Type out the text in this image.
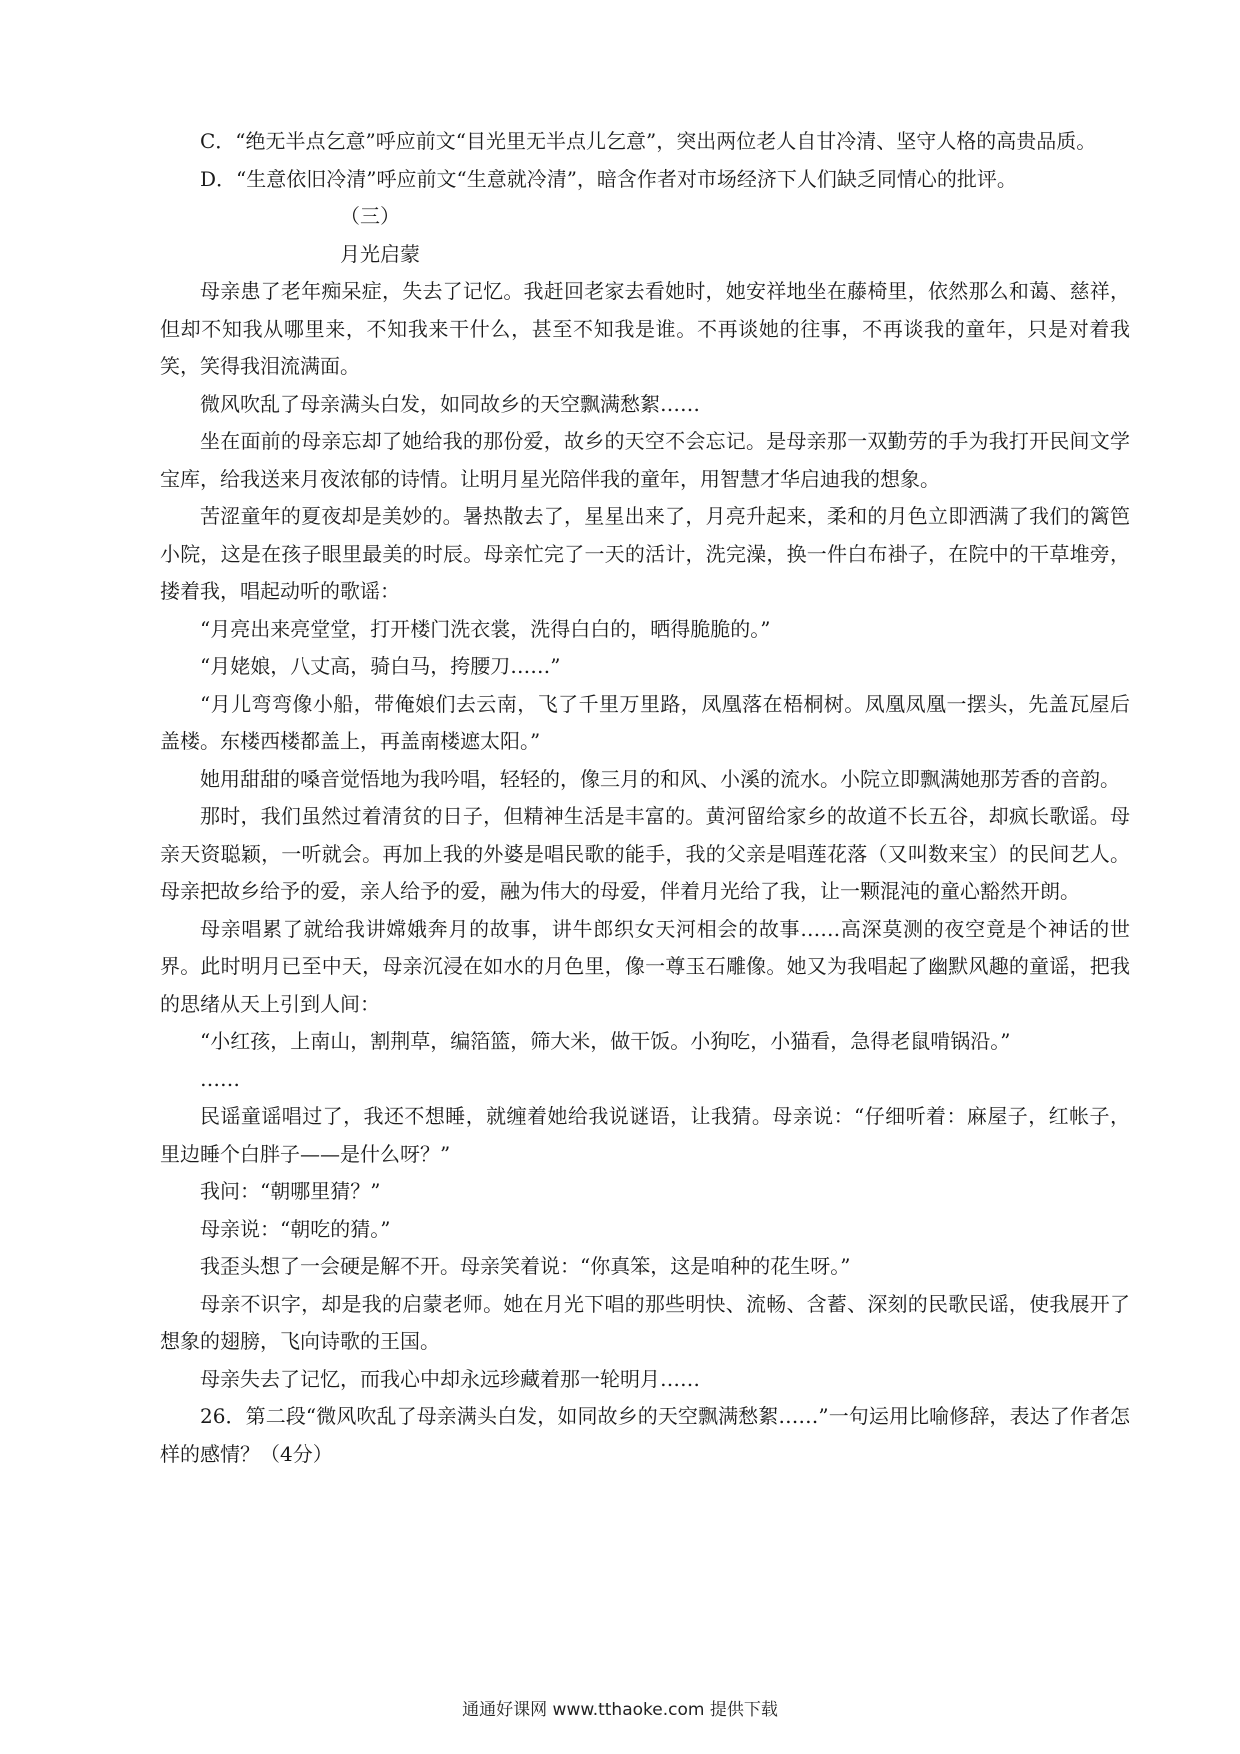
C．“绝无半点乞意”呼应前文“目光里无半点儿乞意”，突出两位老人自甘冷清、坚守人格的高贵品质。

D．“生意依旧冷清”呼应前文“生意就冷清”，暗含作者对市场经济下人们缺乏同情心的批评。

（三）

月光启蒙

母亲患了老年痴呆症，失去了记忆。我赶回老家去看她时，她安祥地坐在藤椅里，依然那么和蔼、慈祥，但却不知我从哪里来，不知我来干什么，甚至不知我是谁。不再谈她的往事，不再谈我的童年，只是对着我笑，笑得我泪流满面。

微风吹乱了母亲满头白发，如同故乡的天空飘满愁絮……

坐在面前的母亲忘却了她给我的那份爱，故乡的天空不会忘记。是母亲那一双勤劳的手为我打开民间文学宝库，给我送来月夜浓郁的诗情。让明月星光陪伴我的童年，用智慧才华启迪我的想象。

苦涩童年的夏夜却是美妙的。暑热散去了，星星出来了，月亮升起来，柔和的月色立即洒满了我们的篱笆小院，这是在孩子眼里最美的时辰。母亲忙完了一天的活计，洗完澡，换一件白布褂子，在院中的干草堆旁，搂着我，唱起动听的歌谣：

“月亮出来亮堂堂，打开楼门洗衣裳，洗得白白的，晒得脆脆的。”

“月姥娘，八丈高，骑白马，挎腰刀……”

“月儿弯弯像小船，带俺娘们去云南，飞了千里万里路，凤凰落在梧桐树。凤凰凤凰一摆头，先盖瓦屋后盖楼。东楼西楼都盖上，再盖南楼遮太阳。”

她用甜甜的嗓音觉悟地为我吟唱，轻轻的，像三月的和风、小溪的流水。小院立即飘满她那芳香的音韵。

那时，我们虽然过着清贫的日子，但精神生活是丰富的。黄河留给家乡的故道不长五谷，却疯长歌谣。母亲天资聪颖，一听就会。再加上我的外婆是唱民歌的能手，我的父亲是唱莲花落（又叫数来宝）的民间艺人。母亲把故乡给予的爱，亲人给予的爱，融为伟大的母爱，伴着月光给了我，让一颗混沌的童心豁然开朗。

母亲唱累了就给我讲嫦娥奔月的故事，讲牛郎织女天河相会的故事……高深莫测的夜空竟是个神话的世界。此时明月已至中天，母亲沉浸在如水的月色里，像一尊玉石雕像。她又为我唱起了幽默风趣的童谣，把我的思绪从天上引到人间：

“小红孩，上南山，割荆草，编箔篮，筛大米，做干饭。小狗吃，小猫看，急得老鼠啃锅沿。”

……

民谣童谣唱过了，我还不想睡，就缠着她给我说谜语，让我猜。母亲说：“仔细听着：麻屋子，红帐子，里边睡个白胖子——是什么呀？”

我问：“朝哪里猜？”

母亲说：“朝吃的猜。”

我歪头想了一会硬是解不开。母亲笑着说：“你真笨，这是咱种的花生呀。”

母亲不识字，却是我的启蒙老师。她在月光下唱的那些明快、流畅、含蓄、深刻的民歌民谣，使我展开了想象的翅膀，飞向诗歌的王国。

母亲失去了记忆，而我心中却永远珍藏着那一轮明月……

26．第二段“微风吹乱了母亲满头白发，如同故乡的天空飘满愁絮……”一句运用比喻修辞，表达了作者怎样的感情？（4分）

通通好课网 www.tthaoke.com 提供下载
